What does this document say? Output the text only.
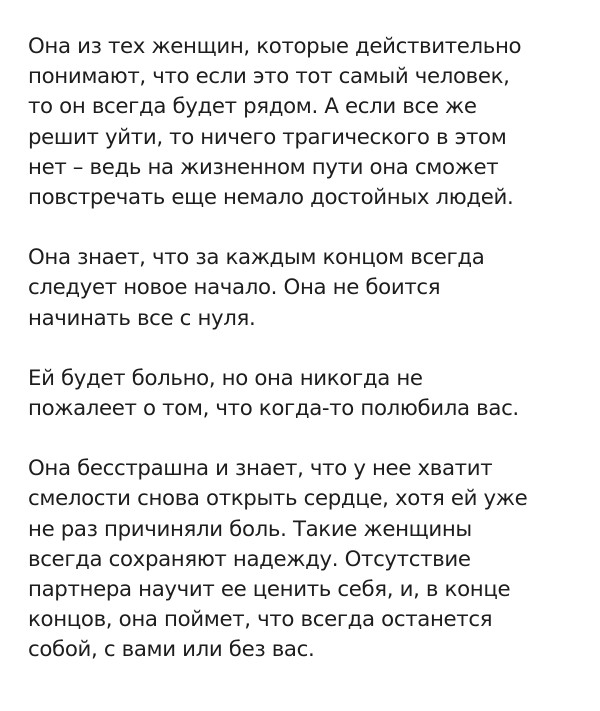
Она из тех женщин, которые действительно
понимают, что если это тот самый человек,
то он всегда будет рядом. А если все же
решит уйти, то ничего трагического в этом
нет – ведь на жизненном пути она сможет
повстречать еще немало достойных людей.

Она знает, что за каждым концом всегда
следует новое начало. Она не боится
начинать все с нуля.

Ей будет больно, но она никогда не
пожалеет о том, что когда-то полюбила вас.

Она бесстрашна и знает, что у нее хватит
смелости снова открыть сердце, хотя ей уже
не раз причиняли боль. Такие женщины
всегда сохраняют надежду. Отсутствие
партнера научит ее ценить себя, и, в конце
концов, она поймет, что всегда останется
собой, с вами или без вас.
